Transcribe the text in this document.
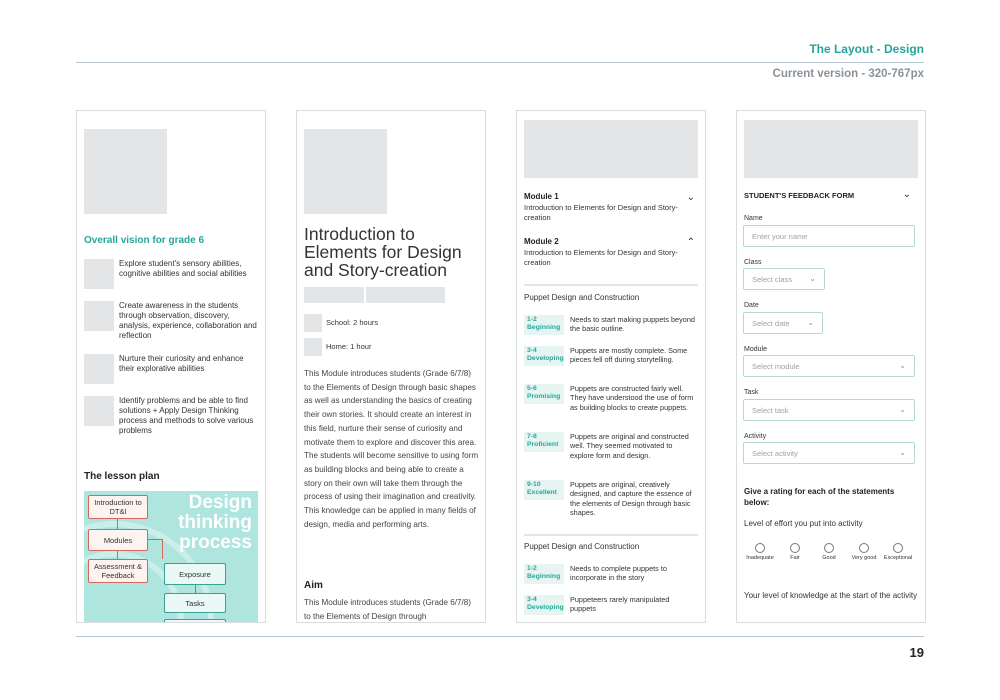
The Layout - Design
Current version - 320-767px
Overall vision for grade 6
Explore student's sensory abilities, cognitive abilities and social abilities
Create awareness in the students through observation, discovery, analysis, experience, collaboration and reflection
Nurture their curiosity and enhance their explorative abilities
Identify problems and be able to find solutions + Apply Design Thinking process and methods to solve various problems
The lesson plan
Design thinking process
Introduction to DT&I
Modules
Assessment & Feedback	Exposure
Tasks
Introduction to Elements for Design and Story-creation
School: 2 hours
Home: 1 hour
This Module introduces students (Grade 6/7/8) to the Elements of Design through basic shapes as well as understanding the basics of creating their own stories. It should create an interest in this field, nurture their sense of curiosity and motivate them to explore and discover this area. The students will become sensitive to using form as building blocks and being able to create a story on their own will take them through the process of using their imagination and creativity. This knowledge can be applied in many fields of design, media and performing arts.
Aim
This Module introduces students (Grade 6/7/8) to the Elements of Design through
Module 1
Introduction to Elements for Design and Story-creation
⌄
Module 2
Introduction to Elements for Design and Story-creation
⌃
Puppet Design and Construction
1-2
Beginning
Needs to start making puppets beyond the basic outline.
3-4
Developing
Puppets are mostly complete. Some pieces fell off during storytelling.
5-6
Promising
Puppets are constructed fairly well. They have understood the use of form as building blocks to create puppets.
7-8
Proficient
Puppets are original and constructed well. They seemed motivated to explore form and design.
9-10
Excellent
Puppets are original, creatively designed, and capture the essence of the elements of Design through basic shapes.
Puppet Design and Construction
1-2
Beginning
Needs to complete puppets to incorporate in the story
3-4
Developing
Puppeteers rarely manipulated puppets
STUDENT'S FEEDBACK FORM	⌄
Name
Enter your name
Class
Select class ⌄
Date
Select date ⌄
Module
Select module	⌄
Task
Select task	⌄
Activity
Select activity	⌄
Give a rating for each of the statements below:
Level of effort you put into activity
Inadequate	Fair	Good	Very good	Exceptional
Your level of knowledge at the start of the activity
19
